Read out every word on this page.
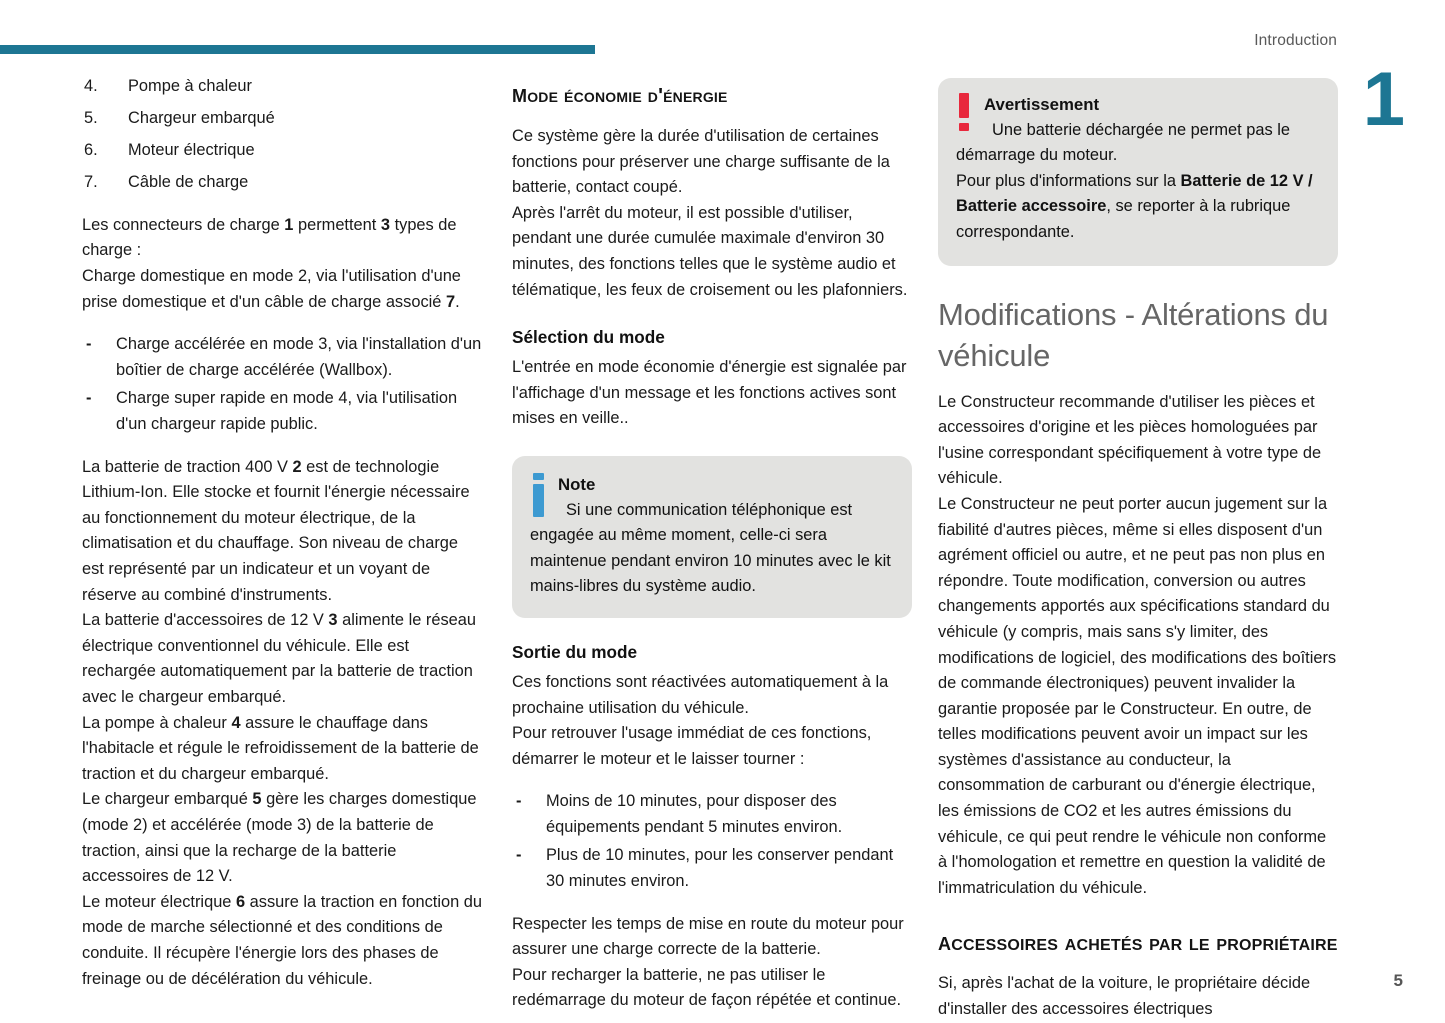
Introduction
1
5
4. Pompe à chaleur
5. Chargeur embarqué
6. Moteur électrique
7. Câble de charge

Les connecteurs de charge 1 permettent 3 types de charge :

Charge domestique en mode 2, via l'utilisation d'une prise domestique et d'un câble de charge associé 7.

- Charge accélérée en mode 3, via l'installation d'un boîtier de charge accélérée (Wallbox).
- Charge super rapide en mode 4, via l'utilisation d'un chargeur rapide public.

La batterie de traction 400 V 2 est de technologie Lithium-Ion. Elle stocke et fournit l'énergie nécessaire au fonctionnement du moteur électrique, de la climatisation et du chauffage. Son niveau de charge est représenté par un indicateur et un voyant de réserve au combiné d'instruments.

La batterie d'accessoires de 12 V 3 alimente le réseau électrique conventionnel du véhicule. Elle est rechargée automatiquement par la batterie de traction avec le chargeur embarqué.

La pompe à chaleur 4 assure le chauffage dans l'habitacle et régule le refroidissement de la batterie de traction et du chargeur embarqué.

Le chargeur embarqué 5 gère les charges domestique (mode 2) et accélérée (mode 3) de la batterie de traction, ainsi que la recharge de la batterie accessoires de 12 V.

Le moteur électrique 6 assure la traction en fonction du mode de marche sélectionné et des conditions de conduite. Il récupère l'énergie lors des phases de freinage ou de décélération du véhicule.

mode économie d'énergie

Ce système gère la durée d'utilisation de certaines fonctions pour préserver une charge suffisante de la batterie, contact coupé.

Après l'arrêt du moteur, il est possible d'utiliser, pendant une durée cumulée maximale d'environ 30 minutes, des fonctions telles que le système audio et télématique, les feux de croisement ou les plafonniers.

Sélection du mode

L'entrée en mode économie d'énergie est signalée par l'affichage d'un message et les fonctions actives sont mises en veille..

Note

Si une communication téléphonique est engagée au même moment, celle-ci sera maintenue pendant environ 10 minutes avec le kit mains-libres du système audio.

Sortie du mode

Ces fonctions sont réactivées automatiquement à la prochaine utilisation du véhicule.

Pour retrouver l'usage immédiat de ces fonctions, démarrer le moteur et le laisser tourner :

- Moins de 10 minutes, pour disposer des équipements pendant 5 minutes environ.
- Plus de 10 minutes, pour les conserver pendant 30 minutes environ.

Respecter les temps de mise en route du moteur pour assurer une charge correcte de la batterie.

Pour recharger la batterie, ne pas utiliser le redémarrage du moteur de façon répétée et continue.

Avertissement

Une batterie déchargée ne permet pas le démarrage du moteur.

Pour plus d'informations sur la Batterie de 12 V / Batterie accessoire, se reporter à la rubrique correspondante.

Modifications - Altérations du véhicule

Le Constructeur recommande d'utiliser les pièces et accessoires d'origine et les pièces homologuées par l'usine correspondant spécifiquement à votre type de véhicule.

Le Constructeur ne peut porter aucun jugement sur la fiabilité d'autres pièces, même si elles disposent d'un agrément officiel ou autre, et ne peut pas non plus en répondre. Toute modification, conversion ou autres changements apportés aux spécifications standard du véhicule (y compris, mais sans s'y limiter, des modifications de logiciel, des modifications des boîtiers de commande électroniques) peuvent invalider la garantie proposée par le Constructeur. En outre, de telles modifications peuvent avoir un impact sur les systèmes d'assistance au conducteur, la consommation de carburant ou d'énergie électrique, les émissions de CO2 et les autres émissions du véhicule, ce qui peut rendre le véhicule non conforme à l'homologation et remettre en question la validité de l'immatriculation du véhicule.

accessoires achetés par le propriétaire

Si, après l'achat de la voiture, le propriétaire décide d'installer des accessoires électriques
